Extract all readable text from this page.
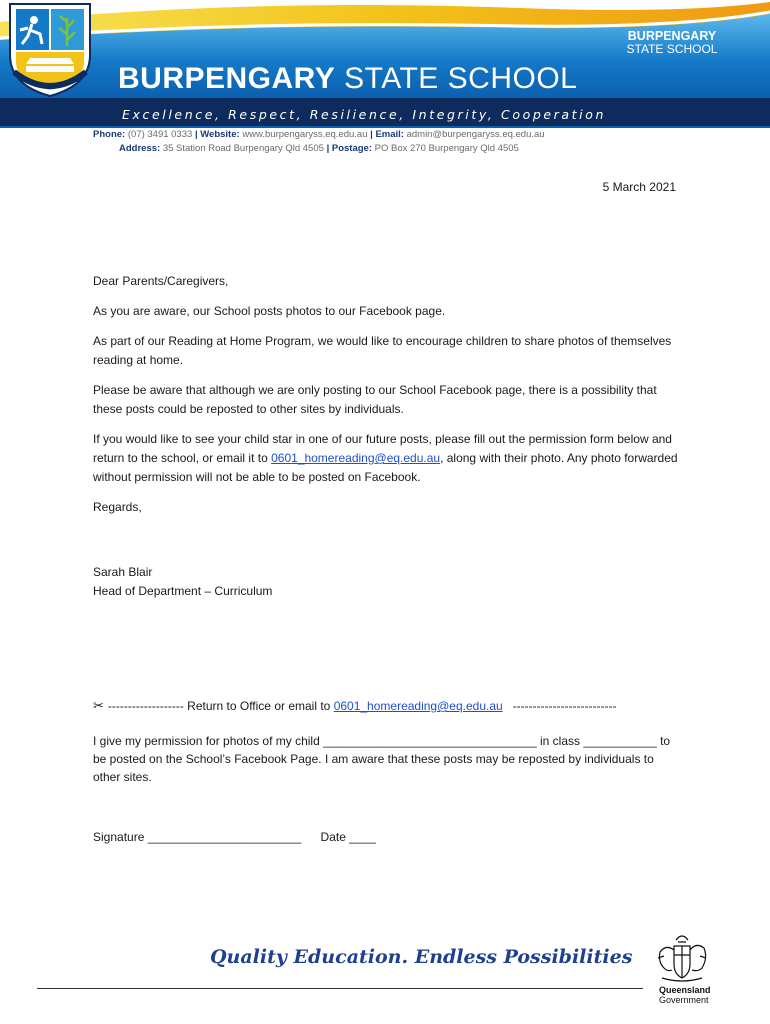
BURPENGARY STATE SCHOOL
Excellence, Respect, Resilience, Integrity, Cooperation
BURPENGARY
STATE SCHOOL
Phone: (07) 3491 0333 | Website: www.burpengaryss.eq.edu.au | Email: admin@burpengaryss.eq.edu.au
Address: 35 Station Road Burpengary Qld 4505 | Postage: PO Box 270 Burpengary Qld 4505
5 March 2021

Dear Parents/Caregivers,

As you are aware, our School posts photos to our Facebook page.

As part of our Reading at Home Program, we would like to encourage children to share photos of themselves reading at home.

Please be aware that although we are only posting to our School Facebook page, there is a possibility that these posts could be reposted to other sites by individuals.

If you would like to see your child star in one of our future posts, please fill out the permission form below and return to the school, or email it to 0601_homereading@eq.edu.au, along with their photo. Any photo forwarded without permission will not be able to be posted on Facebook.

Regards,

Sarah Blair
Head of Department – Curriculum
✂ ------------------- Return to Office or email to 0601_homereading@eq.edu.au --------------------------
I give my permission for photos of my child ________________________________ in class ___________ to be posted on the School’s Facebook Page. I am aware that these posts may be reposted by individuals to other sites.
Signature _______________________ Date ____
Quality Education. Endless Possibilities
Queensland
Government
